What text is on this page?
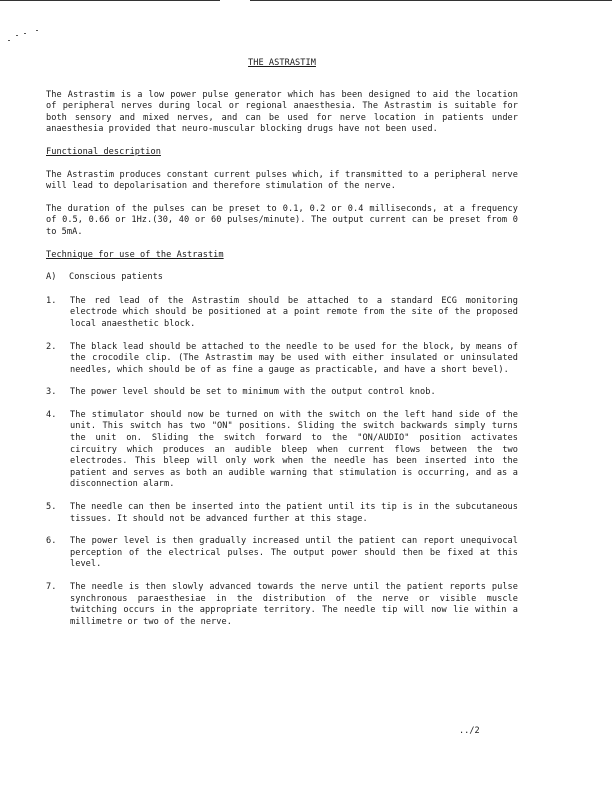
THE ASTRASTIM

The Astrastim is a low power pulse generator which has been designed to aid the location of peripheral nerves during local or regional anaesthesia. The Astrastim is suitable for both sensory and mixed nerves, and can be used for nerve location in patients under anaesthesia provided that neuro-muscular blocking drugs have not been used.

Functional description

The Astrastim produces constant current pulses which, if transmitted to a peripheral nerve will lead to depolarisation and therefore stimulation of the nerve.

The duration of the pulses can be preset to 0.1, 0.2 or 0.4 milliseconds, at a frequency of 0.5, 0.66 or 1Hz.(30, 40 or 60 pulses/minute). The output current can be preset from 0 to 5mA.

Technique for use of the Astrastim
A) Conscious patients
1.	The red lead of the Astrastim should be attached to a standard ECG monitoring electrode which should be positioned at a point remote from the site of the proposed local anaesthetic block.
2.	The black lead should be attached to the needle to be used for the block, by means of the crocodile clip. (The Astrastim may be used with either insulated or uninsulated needles, which should be of as fine a gauge as practicable, and have a short bevel).
3.	The power level should be set to minimum with the output control knob.
4.	The stimulator should now be turned on with the switch on the left hand side of the unit. This switch has two "ON" positions. Sliding the switch backwards simply turns the unit on. Sliding the switch forward to the "ON/AUDIO" position activates circuitry which produces an audible bleep when current flows between the two electrodes. This bleep will only work when the needle has been inserted into the patient and serves as both an audible warning that stimulation is occurring, and as a disconnection alarm.
5.	The needle can then be inserted into the patient until its tip is in the subcutaneous tissues. It should not be advanced further at this stage.
6.	The power level is then gradually increased until the patient can report unequivocal perception of the electrical pulses. The output power should then be fixed at this level.
7.	The needle is then slowly advanced towards the nerve until the patient reports pulse synchronous paraesthesiae in the distribution of the nerve or visible muscle twitching occurs in the appropriate territory. The needle tip will now lie within a millimetre or two of the nerve.
../2
